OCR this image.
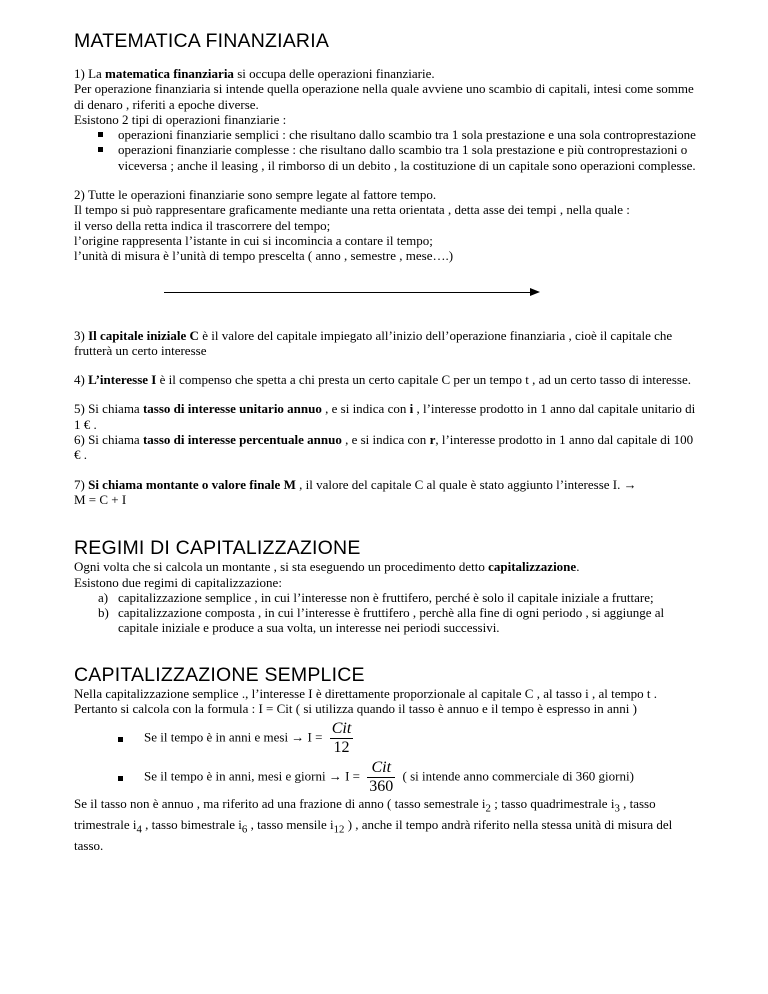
MATEMATICA FINANZIARIA

1) La matematica finanziaria si occupa delle operazioni finanziarie.

Per operazione finanziaria si intende quella operazione nella quale avviene uno scambio di capitali, intesi come somme di denaro , riferiti a epoche diverse.

Esistono 2 tipi di operazioni finanziarie :

operazioni finanziarie semplici : che risultano dallo scambio tra 1 sola prestazione e una sola controprestazione
operazioni finanziarie complesse : che risultano dallo scambio tra 1 sola prestazione e più controprestazioni o viceversa ; anche il leasing , il rimborso di un debito , la costituzione di un capitale sono operazioni complesse.

2) Tutte le operazioni finanziarie sono sempre legate al fattore tempo.

Il tempo si può rappresentare graficamente mediante una retta orientata , detta asse dei tempi , nella quale :

il verso della retta indica il trascorrere del tempo;

l’origine rappresenta l’istante in cui si incomincia a contare il tempo;

l’unità di misura è l’unità di tempo prescelta ( anno , semestre , mese….)

3) Il capitale iniziale C è il valore del capitale impiegato all’inizio dell’operazione finanziaria , cioè il capitale che frutterà un certo interesse

4) L’interesse I è il compenso che spetta a chi presta un certo capitale C per un tempo t , ad un certo tasso di interesse.

5) Si chiama tasso di interesse unitario annuo , e si indica con i , l’interesse prodotto in 1 anno dal capitale unitario di 1 € .

6) Si chiama tasso di interesse percentuale annuo , e si indica con r, l’interesse prodotto in 1 anno dal capitale di 100 € .

7) Si chiama montante o valore finale M , il valore del capitale C al quale è stato aggiunto l’interesse I. →

M = C + I

REGIMI DI CAPITALIZZAZIONE

Ogni volta che si calcola un montante , si sta eseguendo un procedimento detto capitalizzazione.

Esistono due regimi di capitalizzazione:

a) capitalizzazione semplice , in cui l’interesse non è fruttifero, perché è solo il capitale iniziale a fruttare;
b) capitalizzazione composta , in cui l’interesse è fruttifero , perchè alla fine di ogni periodo , si aggiunge al capitale iniziale e produce a sua volta, un interesse nei periodi successivi.
CAPITALIZZAZIONE SEMPLICE

Nella capitalizzazione semplice ., l’interesse I è direttamente proporzionale al capitale C , al tasso i , al tempo t . Pertanto si calcola con la formula : I = Cit ( si utilizza quando il tasso è annuo e il tempo è espresso in anni )

Se il tempo è in anni e mesi → $I = \frac{\text{Cit}}{12}$
Se il tempo è in anni, mesi e giorni → $I = \frac{\text{Cit}}{360}$ ( si intende anno commerciale di 360 giorni)

Se il tasso non è annuo , ma riferito ad una frazione di anno ( tasso semestrale $i_2$ ; tasso quadrimestrale $i_3$ , tasso trimestrale $i_4$ , tasso bimestrale $i_6$ , tasso mensile $i_{12}$ ) , anche il tempo andrà riferito nella stessa unità di misura del tasso.
